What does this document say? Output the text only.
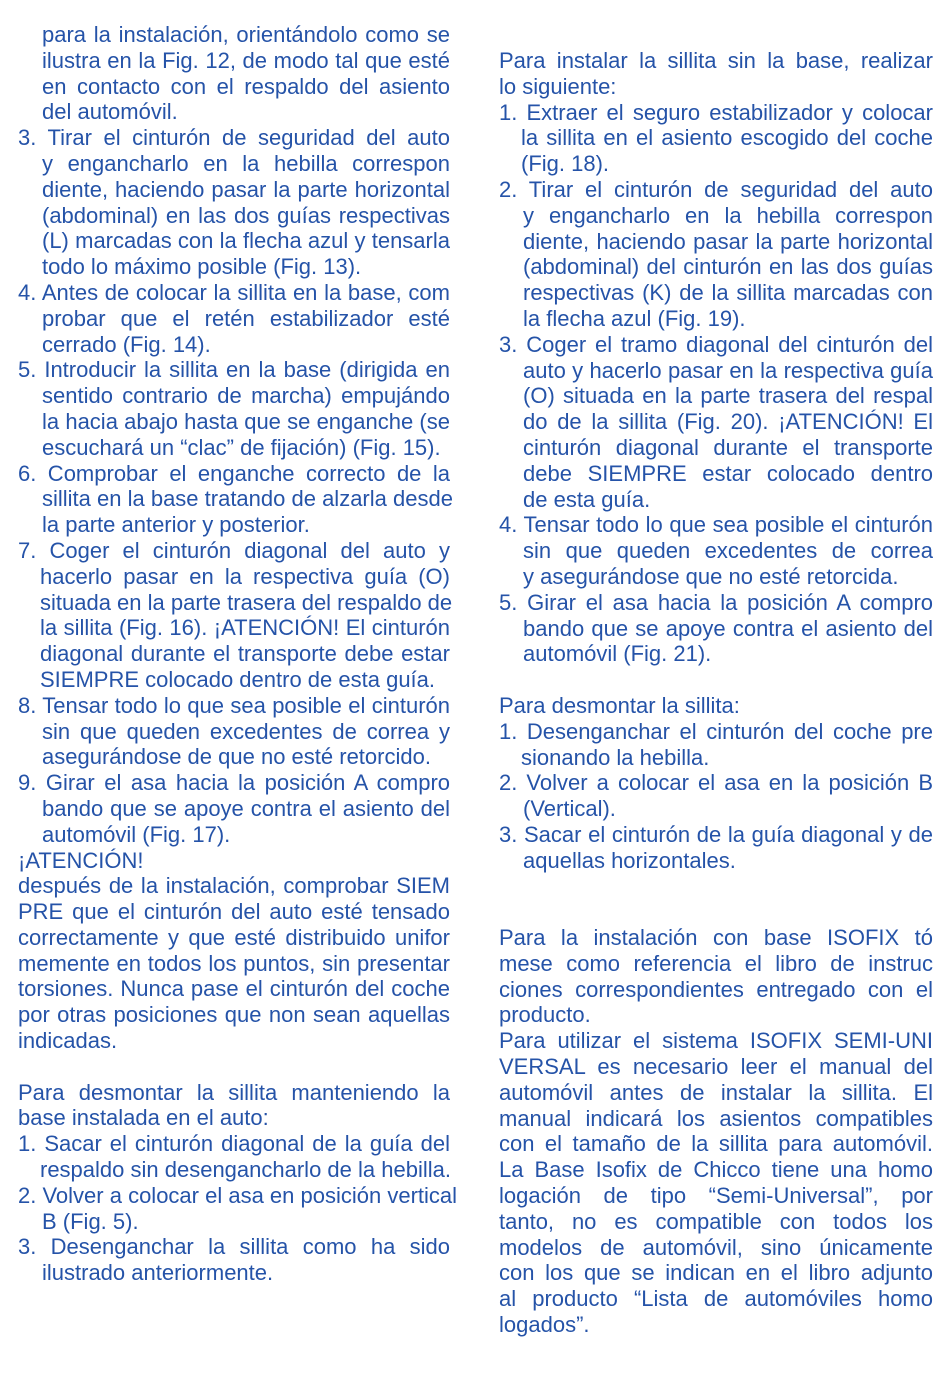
para la instalación, orientándolo como se

ilustra en la Fig. 12, de modo tal que esté

en contacto con el respaldo del asiento

del automóvil.

3. Tirar el cinturón de seguridad del auto

y engancharlo en la hebilla correspon

diente, haciendo pasar la parte horizontal

(abdominal) en las dos guías respectivas

(L) marcadas con la flecha azul y tensarla

todo lo máximo posible (Fig. 13).

4. Antes de colocar la sillita en la base, com

probar que el retén estabilizador esté

cerrado (Fig. 14).

5. Introducir la sillita en la base (dirigida en

sentido contrario de marcha) empujándo

la hacia abajo hasta que se enganche (se

escuchará un “clac” de fijación) (Fig. 15).

6. Comprobar el enganche correcto de la

sillita en la base tratando de alzarla desde

la parte anterior y posterior.

7. Coger el cinturón diagonal del auto y

hacerlo pasar en la respectiva guía (O)

situada en la parte trasera del respaldo de

la sillita (Fig. 16). ¡ATENCIÓN! El cinturón

diagonal durante el transporte debe estar

SIEMPRE colocado dentro de esta guía.

8. Tensar todo lo que sea posible el cinturón

sin que queden excedentes de correa y

asegurándose de que no esté retorcido.

9. Girar el asa hacia la posición A compro

bando que se apoye contra el asiento del

automóvil (Fig. 17).

¡ATENCIÓN!

después de la instalación, comprobar SIEM

PRE que el cinturón del auto esté tensado

correctamente y que esté distribuido unifor

memente en todos los puntos, sin presentar

torsiones. Nunca pase el cinturón del coche

por otras posiciones que non sean aquellas

indicadas.

Para desmontar la sillita manteniendo la

base instalada en el auto:

1. Sacar el cinturón diagonal de la guía del

respaldo sin desengancharlo de la hebilla.

2. Volver a colocar el asa en posición vertical

B (Fig. 5).

3. Desenganchar la sillita como ha sido

ilustrado anteriormente.

Para instalar la sillita sin la base, realizar

lo siguiente:

1. Extraer el seguro estabilizador y colocar

la sillita en el asiento escogido del coche

(Fig. 18).

2. Tirar el cinturón de seguridad del auto

y engancharlo en la hebilla correspon

diente, haciendo pasar la parte horizontal

(abdominal) del cinturón en las dos guías

respectivas (K) de la sillita marcadas con

la flecha azul (Fig. 19).

3. Coger el tramo diagonal del cinturón del

auto y hacerlo pasar en la respectiva guía

(O) situada en la parte trasera del respal

do de la sillita (Fig. 20). ¡ATENCIÓN! El

cinturón diagonal durante el transporte

debe SIEMPRE estar colocado dentro

de esta guía.

4. Tensar todo lo que sea posible el cinturón

sin que queden excedentes de correa

y asegurándose que no esté retorcida.

5. Girar el asa hacia la posición A compro

bando que se apoye contra el asiento del

automóvil (Fig. 21).

Para desmontar la sillita:

1. Desenganchar el cinturón del coche pre

sionando la hebilla.

2. Volver a colocar el asa en la posición B

(Vertical).

3. Sacar el cinturón de la guía diagonal y de

aquellas horizontales.

Para la instalación con base ISOFIX tó

mese como referencia el libro de instruc

ciones correspondientes entregado con el

producto.

Para utilizar el sistema ISOFIX SEMI-UNI

VERSAL es necesario leer el manual del

automóvil antes de instalar la sillita. El

manual indicará los asientos compatibles

con el tamaño de la sillita para automóvil.

La Base Isofix de Chicco tiene una homo

logación de tipo “Semi-Universal”, por

tanto, no es compatible con todos los

modelos de automóvil, sino únicamente

con los que se indican en el libro adjunto

al producto “Lista de automóviles homo

logados”.
